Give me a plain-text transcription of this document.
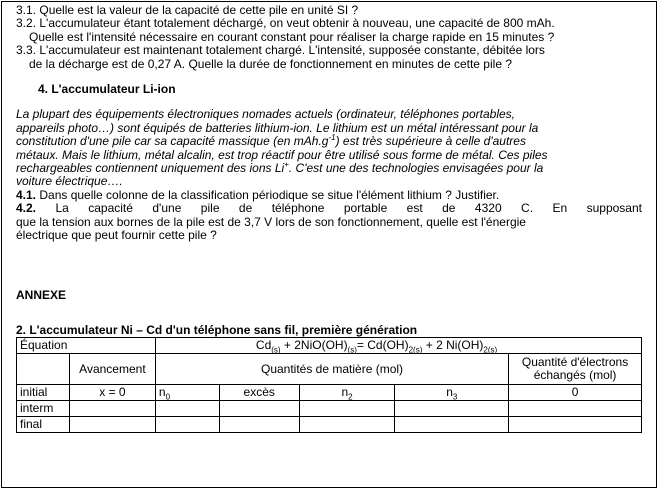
3.1. Quelle est la valeur de la capacité de cette pile en unité SI ?

3.2. L'accumulateur étant totalement déchargé, on veut obtenir à nouveau, une capacité de 800 mAh.

Quelle est l'intensité nécessaire en courant constant pour réaliser la charge rapide en 15 minutes ?

3.3. L'accumulateur est maintenant totalement chargé. L'intensité, supposée constante, débitée lors

de la décharge est de 0,27 A. Quelle la durée de fonctionnement en minutes de cette pile ?

4. L'accumulateur Li-ion

La plupart des équipements électroniques nomades actuels (ordinateur, téléphones portables,

appareils photo…) sont équipés de batteries lithium-ion. Le lithium est un métal intéressant pour la

constitution d'une pile car sa capacité massique (en $mAh.g^{-1}$) est très supérieure à celle d'autres

métaux. Mais le lithium, métal alcalin, est trop réactif pour être utilisé sous forme de métal. Ces piles

rechargeables contiennent uniquement des ions Li+. C'est une des technologies envisagées pour la

voiture électrique….

4.1. Dans quelle colonne de la classification périodique se situe l'élément lithium ? Justifier.

4.2. La capacité d'une pile de téléphone portable est de 4320 C. En supposant

que la tension aux bornes de la pile est de 3,7 V lors de son fonctionnement, quelle est l'énergie

électrique que peut fournir cette pile ?

ANNEXE
2. L'accumulateur Ni – Cd d'un téléphone sans fil, première génération
Équation		$Cd_{(s)} + 2NiO(OH)_{(s)}= Cd(OH)_{2(s)} + 2$ $Ni(OH)_{2(s)}$
	Avancement	Quantités de matière (mol)				Quantité d'électrons
échangés (mol)

initial	x = 0	$n_0$	excès	$n_2$	$n_3$	0
interm						
final						
